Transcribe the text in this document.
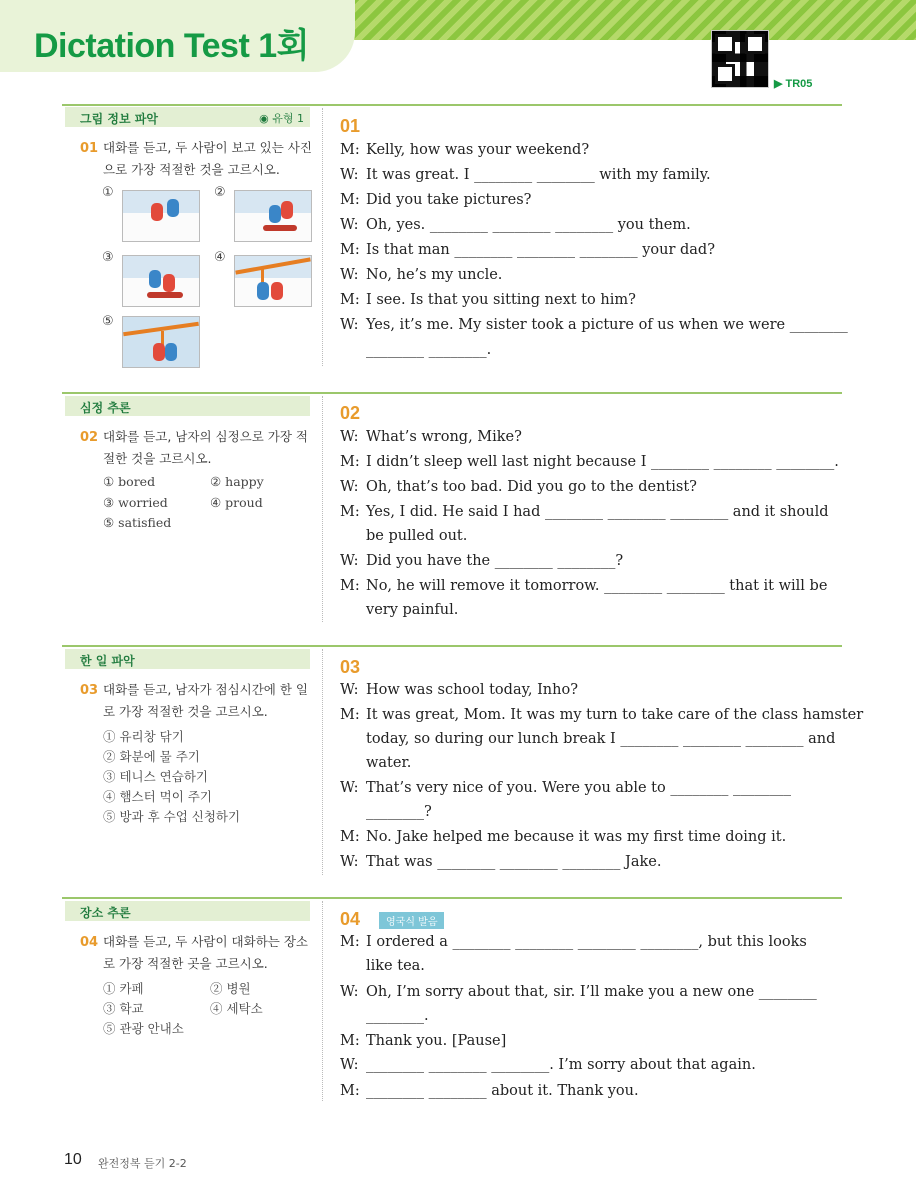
Dictation Test 1회
▶ TR05
◉ 유형 1
그림 정보 파악
01 대화를 듣고, 두 사람이 보고 있는 사진으로 가장 적절한 것을 고르시오.
①	②
③	④
⑤
01
M: Kelly, how was your weekend?
W: It was great. I ________ ________ with my family.
M: Did you take pictures?
W: Oh, yes. ________ ________ ________ you them.
M: Is that man ________ ________ ________ your dad?
W: No, he’s my uncle.
M: I see. Is that you sitting next to him?
W: Yes, it’s me. My sister took a picture of us when we were ________
________ ________.
심정 추론
02 대화를 듣고, 남자의 심정으로 가장 적절한 것을 고르시오.
① bored	② happy
③ worried	④ proud
⑤ satisfied
02
W: What’s wrong, Mike?
M: I didn’t sleep well last night because I ________ ________ ________.
W: Oh, that’s too bad. Did you go to the dentist?
M: Yes, I did. He said I had ________ ________ ________ and it should
be pulled out.
W: Did you have the ________ ________?
M: No, he will remove it tomorrow. ________ ________ that it will be
very painful.
한 일 파악
03 대화를 듣고, 남자가 점심시간에 한 일로 가장 적절한 것을 고르시오.
① 유리창 닦기
② 화분에 물 주기
③ 테니스 연습하기
④ 햄스터 먹이 주기
⑤ 방과 후 수업 신청하기
03
W: How was school today, Inho?
M: It was great, Mom. It was my turn to take care of the class hamster
today, so during our lunch break I ________ ________ ________ and
water.
W: That’s very nice of you. Were you able to ________ ________
________?
M: No. Jake helped me because it was my first time doing it.
W: That was ________ ________ ________ Jake.
장소 추론
04 대화를 듣고, 두 사람이 대화하는 장소로 가장 적절한 곳을 고르시오.
① 카페	② 병원
③ 학교	④ 세탁소
⑤ 관광 안내소
04	영국식 발음
M: I ordered a ________ ________ ________ ________, but this looks
like tea.
W: Oh, I’m sorry about that, sir. I’ll make you a new one ________
________.
M: Thank you. [Pause]
W: ________ ________ ________. I’m sorry about that again.
M: ________ ________ about it. Thank you.
10 완전정복 듣기 2-2
